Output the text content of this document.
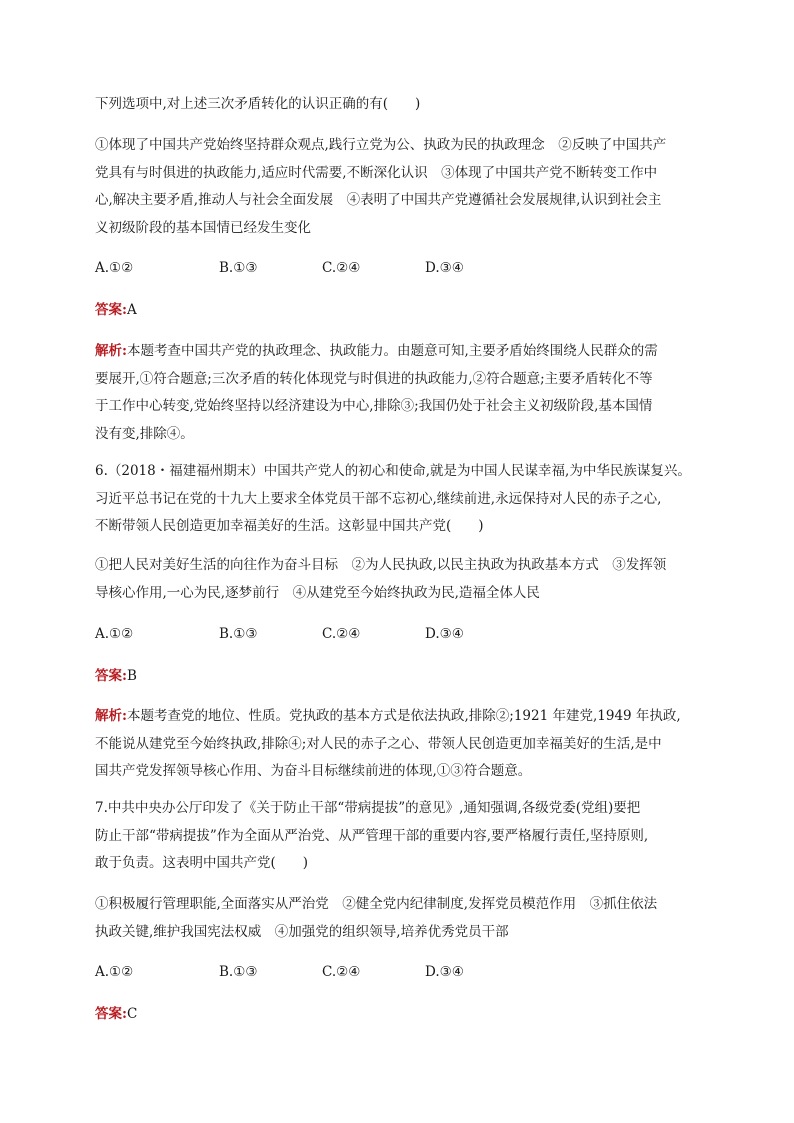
下列选项中,对上述三次矛盾转化的认识正确的有(　　)
①体现了中国共产党始终坚持群众观点,践行立党为公、执政为民的执政理念　②反映了中国共产
党具有与时俱进的执政能力,适应时代需要,不断深化认识　③体现了中国共产党不断转变工作中
心,解决主要矛盾,推动人与社会全面发展　④表明了中国共产党遵循社会发展规律,认识到社会主
义初级阶段的基本国情已经发生变化
A.①②	B.①③	C.②④	D.③④
答案:A
解析:本题考查中国共产党的执政理念、执政能力。由题意可知,主要矛盾始终围绕人民群众的需
要展开,①符合题意;三次矛盾的转化体现党与时俱进的执政能力,②符合题意;主要矛盾转化不等
于工作中心转变,党始终坚持以经济建设为中心,排除③;我国仍处于社会主义初级阶段,基本国情
没有变,排除④。
6.（2018・福建福州期末）中国共产党人的初心和使命,就是为中国人民谋幸福,为中华民族谋复兴。
习近平总书记在党的十九大上要求全体党员干部不忘初心,继续前进,永远保持对人民的赤子之心,
不断带领人民创造更加幸福美好的生活。这彰显中国共产党(　　)
①把人民对美好生活的向往作为奋斗目标　②为人民执政,以民主执政为执政基本方式　③发挥领
导核心作用,一心为民,逐梦前行　④从建党至今始终执政为民,造福全体人民
A.①②	B.①③	C.②④	D.③④
答案:B
解析:本题考查党的地位、性质。党执政的基本方式是依法执政,排除②;1921 年建党,1949 年执政,
不能说从建党至今始终执政,排除④;对人民的赤子之心、带领人民创造更加幸福美好的生活,是中
国共产党发挥领导核心作用、为奋斗目标继续前进的体现,①③符合题意。
7.中共中央办公厅印发了《关于防止干部“带病提拔”的意见》,通知强调,各级党委(党组)要把
防止干部“带病提拔”作为全面从严治党、从严管理干部的重要内容,要严格履行责任,坚持原则,
敢于负责。这表明中国共产党(　　)
①积极履行管理职能,全面落实从严治党　②健全党内纪律制度,发挥党员模范作用　③抓住依法
执政关键,维护我国宪法权威　④加强党的组织领导,培养优秀党员干部
A.①②	B.①③	C.②④	D.③④
答案:C
